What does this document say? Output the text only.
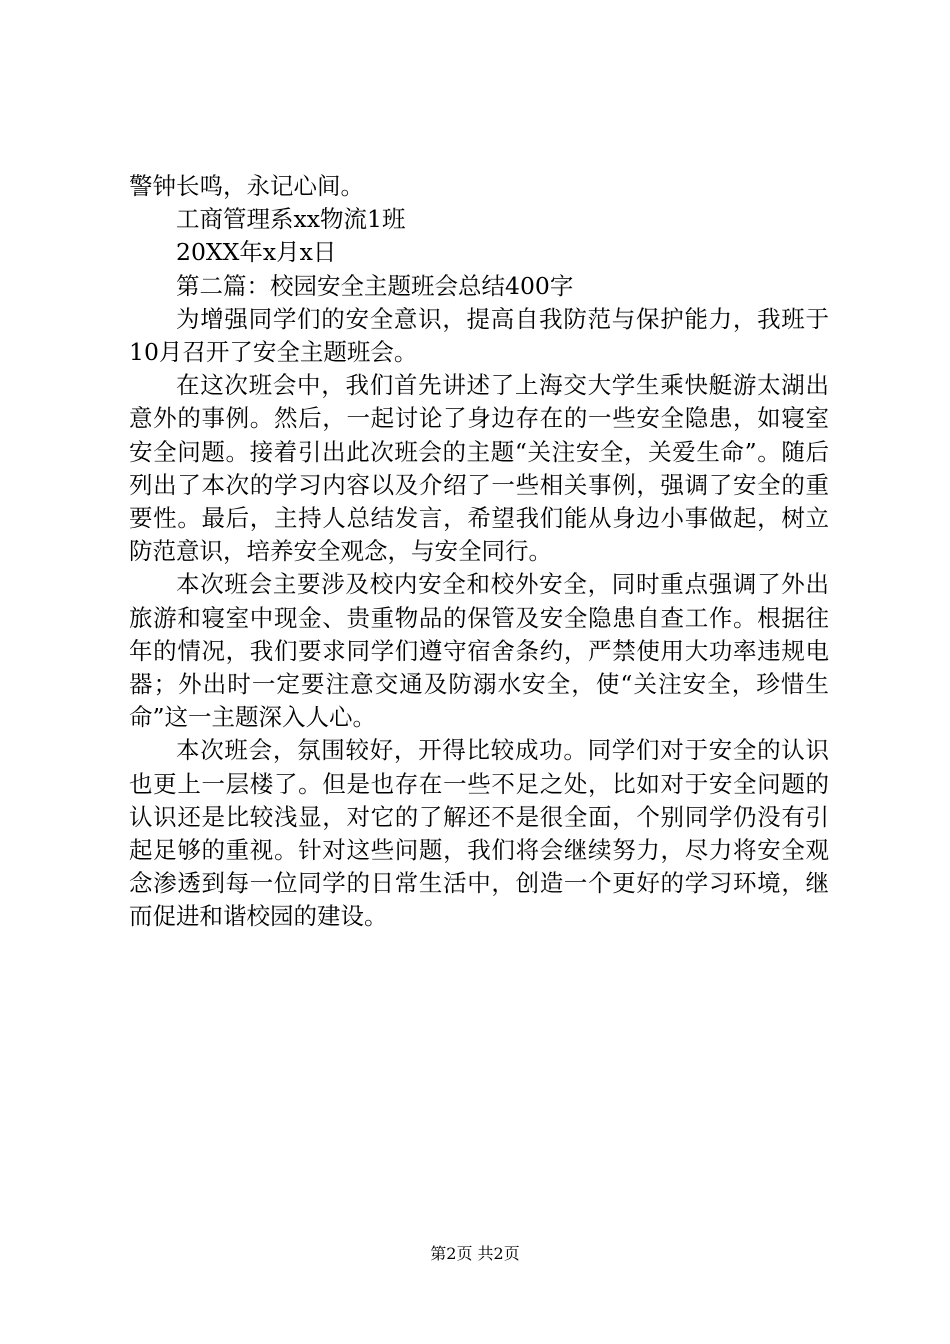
警钟长鸣，永记心间。

工商管理系xx物流1班

20XX年x月x日

第二篇：校园安全主题班会总结400字

为增强同学们的安全意识，提高自我防范与保护能力，我班于10月召开了安全主题班会。

在这次班会中，我们首先讲述了上海交大学生乘快艇游太湖出意外的事例。然后，一起讨论了身边存在的一些安全隐患，如寝室安全问题。接着引出此次班会的主题“关注安全，关爱生命”。随后列出了本次的学习内容以及介绍了一些相关事例，强调了安全的重要性。最后，主持人总结发言，希望我们能从身边小事做起，树立防范意识，培养安全观念，与安全同行。

本次班会主要涉及校内安全和校外安全，同时重点强调了外出旅游和寝室中现金、贵重物品的保管及安全隐患自查工作。根据往年的情况，我们要求同学们遵守宿舍条约，严禁使用大功率违规电器；外出时一定要注意交通及防溺水安全，使“关注安全，珍惜生命”这一主题深入人心。

本次班会，氛围较好，开得比较成功。同学们对于安全的认识也更上一层楼了。但是也存在一些不足之处，比如对于安全问题的认识还是比较浅显，对它的了解还不是很全面，个别同学仍没有引起足够的重视。针对这些问题，我们将会继续努力，尽力将安全观念渗透到每一位同学的日常生活中，创造一个更好的学习环境，继而促进和谐校园的建设。

第2页 共2页
